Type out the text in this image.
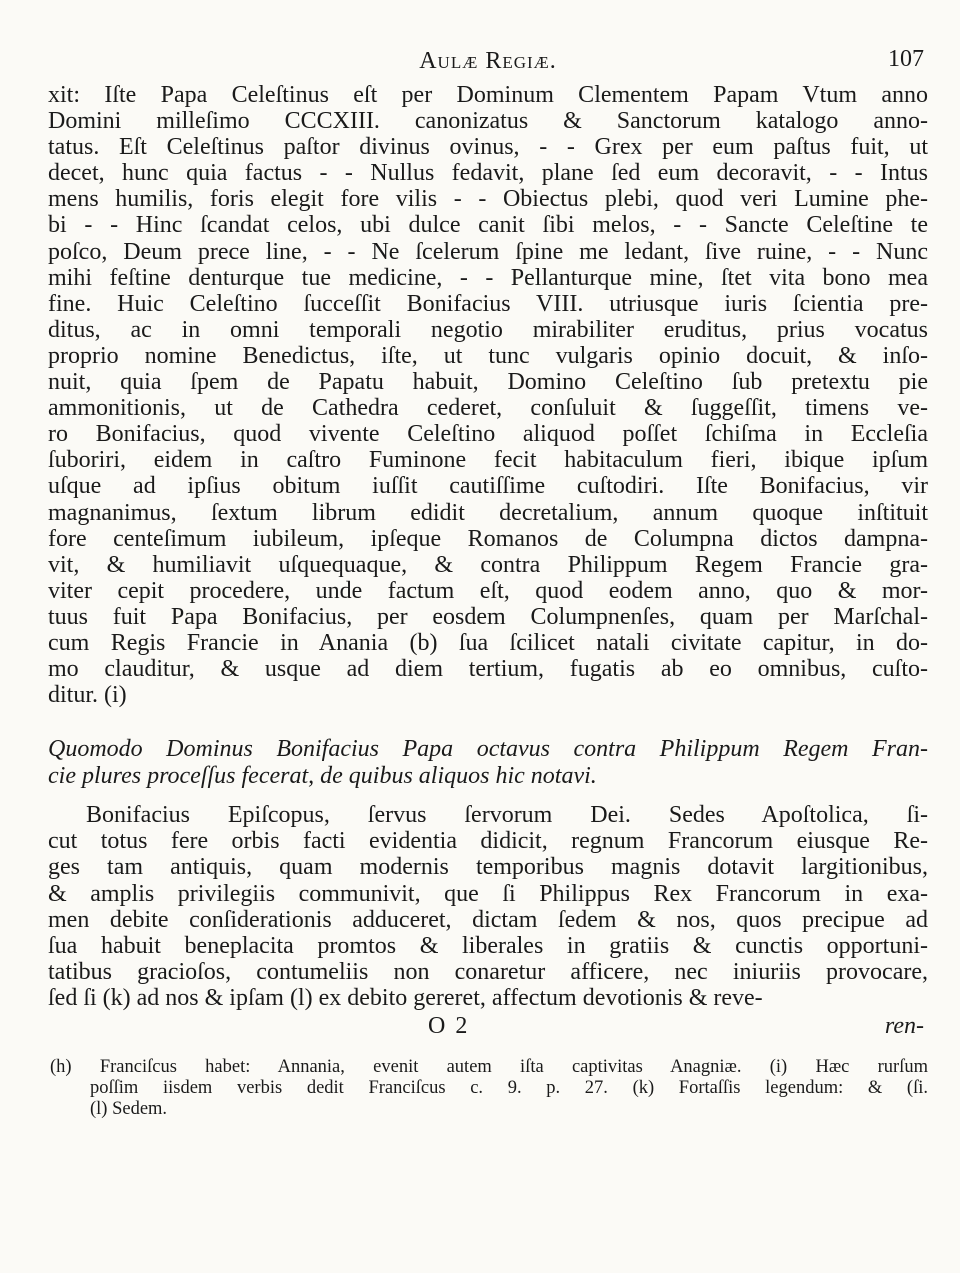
Aulæ Regiæ.	107
xit: Iſte Papa Celeſtinus eſt per Dominum Clementem Papam Vtum anno
Domini milleſimo CCCXIII. canonizatus & Sanctorum katalogo anno-
tatus. Eſt Celeſtinus paſtor divinus ovinus, - - Grex per eum paſtus fuit, ut
decet, hunc quia factus - - Nullus fedavit, plane ſed eum decoravit, - - Intus
mens humilis, foris elegit fore vilis - - Obiectus plebi, quod veri Lumine phe-
bi - - Hinc ſcandat celos, ubi dulce canit ſibi melos, - - Sancte Celeſtine te
poſco, Deum prece line, - - Ne ſcelerum ſpine me ledant, ſive ruine, - - Nunc
mihi feſtine denturque tue medicine, - - Pellanturque mine, ſtet vita bono mea
fine. Huic Celeſtino ſucceſſit Bonifacius VIII. utriusque iuris ſcientia pre-
ditus, ac in omni temporali negotio mirabiliter eruditus, prius vocatus
proprio nomine Benedictus, iſte, ut tunc vulgaris opinio docuit, & inſo-
nuit, quia ſpem de Papatu habuit, Domino Celeſtino ſub pretextu pie
ammonitionis, ut de Cathedra cederet, conſuluit & ſuggeſſit, timens ve-
ro Bonifacius, quod vivente Celeſtino aliquod poſſet ſchiſma in Eccleſia
ſuboriri, eidem in caſtro Fuminone fecit habitaculum fieri, ibique ipſum
uſque ad ipſius obitum iuſſit cautiſſime cuſtodiri. Iſte Bonifacius, vir
magnanimus, ſextum librum edidit decretalium, annum quoque inſtituit
fore centeſimum iubileum, ipſeque Romanos de Columpna dictos dampna-
vit, & humiliavit uſquequaque, & contra Philippum Regem Francie gra-
viter cepit procedere, unde factum eſt, quod eodem anno, quo & mor-
tuus fuit Papa Bonifacius, per eosdem Columpnenſes, quam per Marſchal-
cum Regis Francie in Anania (b) ſua ſcilicet natali civitate capitur, in do-
mo clauditur, & usque ad diem tertium, fugatis ab eo omnibus, cuſto-
ditur. (i)
Quomodo Dominus Bonifacius Papa octavus contra Philippum Regem Fran-
cie plures proceſſus fecerat, de quibus aliquos hic notavi.
Bonifacius Epiſcopus, ſervus ſervorum Dei. Sedes Apoſtolica, ſi-
cut totus fere orbis facti evidentia didicit, regnum Francorum eiusque Re-
ges tam antiquis, quam modernis temporibus magnis dotavit largitionibus,
& amplis privilegiis communivit, que ſi Philippus Rex Francorum in exa-
men debite conſiderationis adduceret, dictam ſedem & nos, quos precipue ad
ſua habuit beneplacita promtos & liberales in gratiis & cunctis opportuni-
tatibus gracioſos, contumeliis non conaretur afficere, nec iniuriis provocare,
ſed ſi (k) ad nos & ipſam (l) ex debito gereret, affectum devotionis & reve-
O 2	ren-
(h) Franciſcus habet: Annania, evenit autem iſta captivitas Anagniæ. (i) Hæc rurſum
poſſim iisdem verbis dedit Franciſcus c. 9. p. 27. (k) Fortaſſis legendum: & (ſi.
(l) Sedem.
